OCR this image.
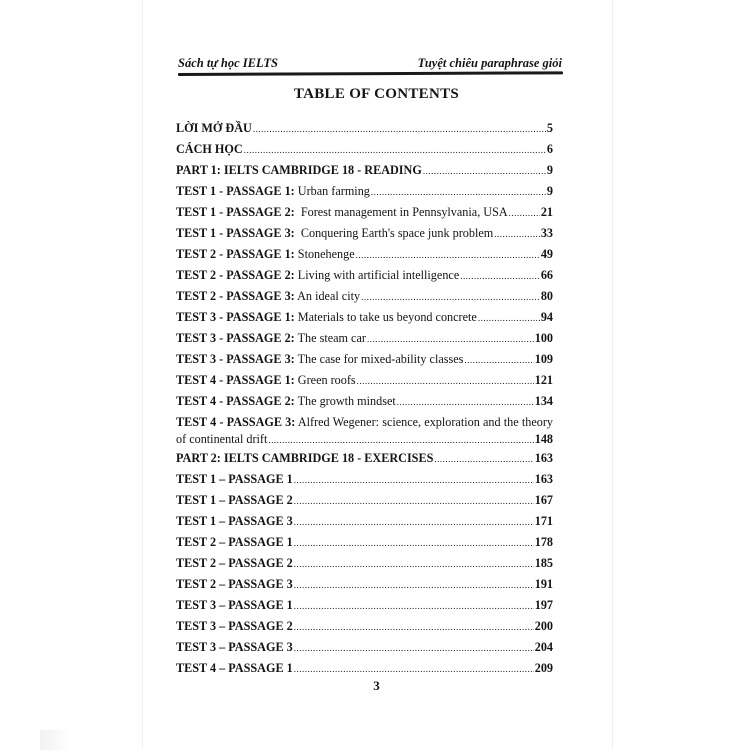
Sách tự học IELTS	Tuyệt chiêu paraphrase giỏi
TABLE OF CONTENTS
LỜI MỞ ĐẦU .....	5
CÁCH HỌC .....	6
PART 1: IELTS CAMBRIDGE 18 - READING .....	9
TEST 1 - PASSAGE 1: Urban farming .....	9
TEST 1 - PASSAGE 2:  Forest management in Pennsylvania, USA .....	21
TEST 1 - PASSAGE 3:  Conquering Earth's space junk problem .....	33
TEST 2 - PASSAGE 1: Stonehenge .....	49
TEST 2 - PASSAGE 2: Living with artificial intelligence .....	66
TEST 2 - PASSAGE 3: An ideal city .....	80
TEST 3 - PASSAGE 1: Materials to take us beyond concrete .....	94
TEST 3 - PASSAGE 2: The steam car .....	100
TEST 3 - PASSAGE 3: The case for mixed-ability classes .....	109
TEST 4 - PASSAGE 1: Green roofs .....	121
TEST 4 - PASSAGE 2: The growth mindset .....	134
TEST 4 - PASSAGE 3: Alfred Wegener: science, exploration and the theory
of continental drift .....	148
PART 2: IELTS CAMBRIDGE 18 - EXERCISES .....	163
TEST 1 – PASSAGE 1 .....	163
TEST 1 – PASSAGE 2 .....	167
TEST 1 – PASSAGE 3 .....	171
TEST 2 – PASSAGE 1 .....	178
TEST 2 – PASSAGE 2 .....	185
TEST 2 – PASSAGE 3 .....	191
TEST 3 – PASSAGE 1 .....	197
TEST 3 – PASSAGE 2 .....	200
TEST 3 – PASSAGE 3 .....	204
TEST 4 – PASSAGE 1 .....	209
3
